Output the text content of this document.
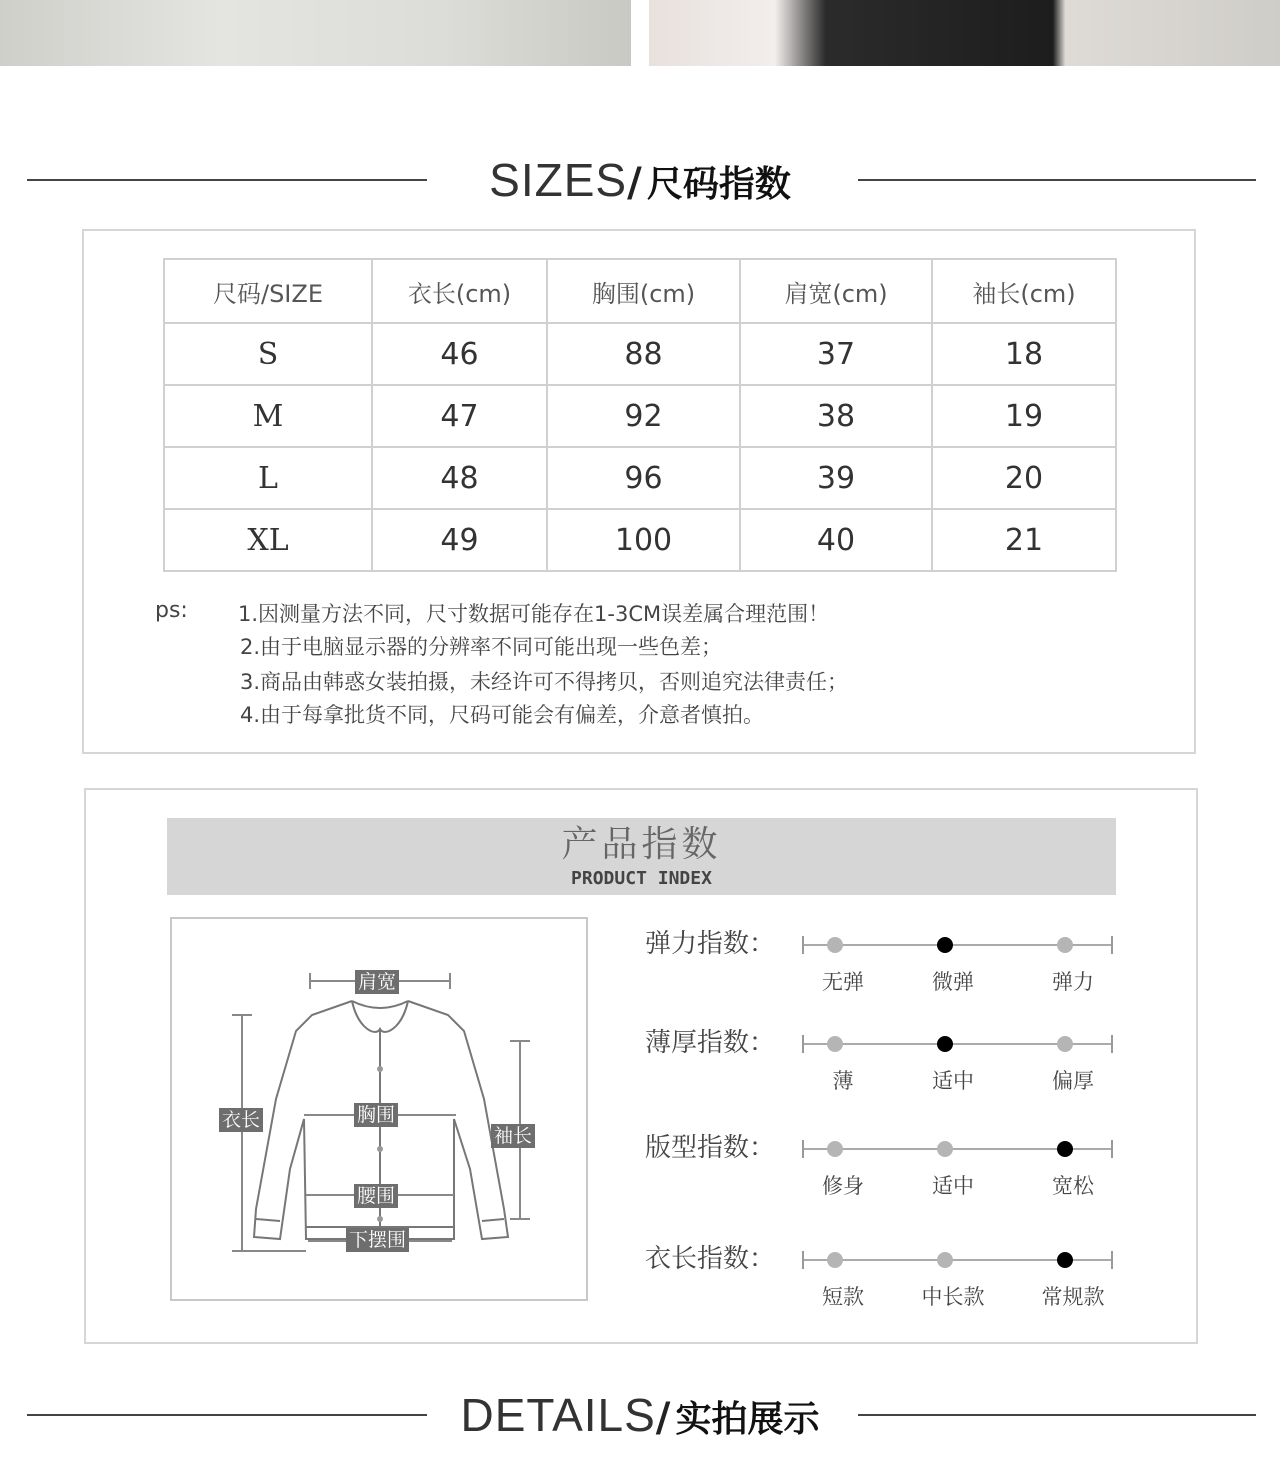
SIZES/ 尺码指数
尺码/SIZE	衣长(cm)	胸围(cm)	肩宽(cm)	袖长(cm)
S	46	88	37	18
M	47	92	38	19
L	48	96	39	20
XL	49	100	40	21
ps: 1.因测量方法不同，尺寸数据可能存在1-3CM误差属合理范围！
2.由于电脑显示器的分辨率不同可能出现一些色差；
3.商品由韩惑女装拍摄，未经许可不得拷贝，否则追究法律责任；
4.由于每拿批货不同，尺码可能会有偏差，介意者慎拍。
产品指数
PRODUCT INDEX
肩宽
衣长	胸围
袖长
腰围
下摆围
弹力指数：
无弹	微弹	弹力
薄厚指数：
薄	适中	偏厚
版型指数：
修身	适中	宽松
衣长指数：
短款	中长款	常规款
DETAILS/ 实拍展示
